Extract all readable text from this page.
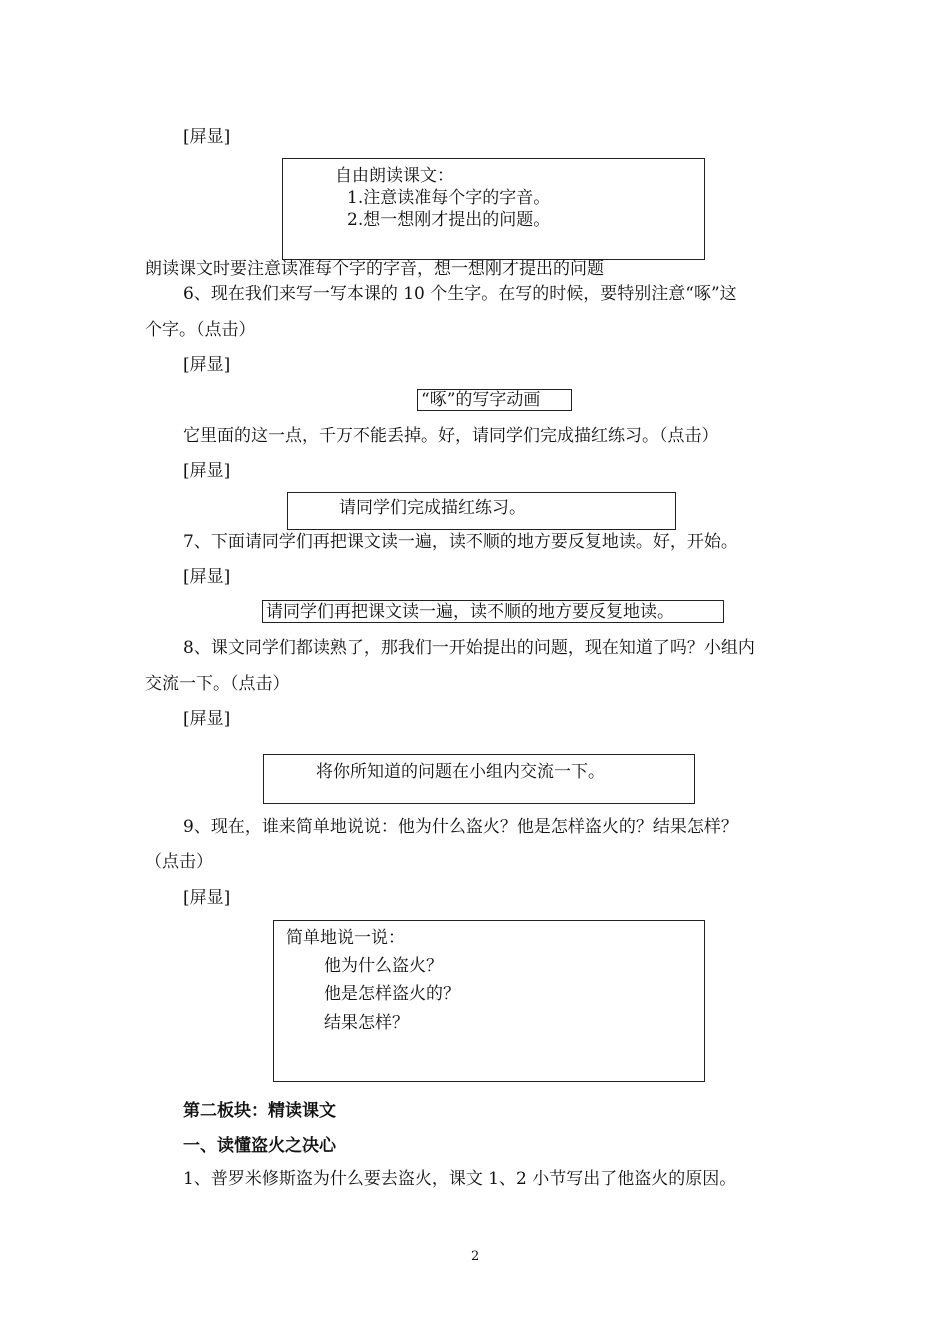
[屏显]
自由朗读课文：
1.注意读准每个字的字音。
2.想一想刚才提出的问题。
朗读课文时要注意读准每个字的字音，想一想刚才提出的问题
6、现在我们来写一写本课的 10 个生字。在写的时候，要特别注意“啄”这
个字。（点击）
[屏显]
“啄”的写字动画
它里面的这一点，千万不能丢掉。好，请同学们完成描红练习。（点击）
[屏显]
请同学们完成描红练习。
7、下面请同学们再把课文读一遍，读不顺的地方要反复地读。好，开始。
[屏显]
请同学们再把课文读一遍，读不顺的地方要反复地读。
8、课文同学们都读熟了，那我们一开始提出的问题，现在知道了吗？小组内
交流一下。（点击）
[屏显]
将你所知道的问题在小组内交流一下。
9、现在，谁来简单地说说：他为什么盗火？他是怎样盗火的？结果怎样？
（点击）
[屏显]
简单地说一说：
他为什么盗火？
他是怎样盗火的？
结果怎样？
第二板块：精读课文
一、读懂盗火之决心
1、普罗米修斯盗为什么要去盗火，课文 1、2 小节写出了他盗火的原因。
2
